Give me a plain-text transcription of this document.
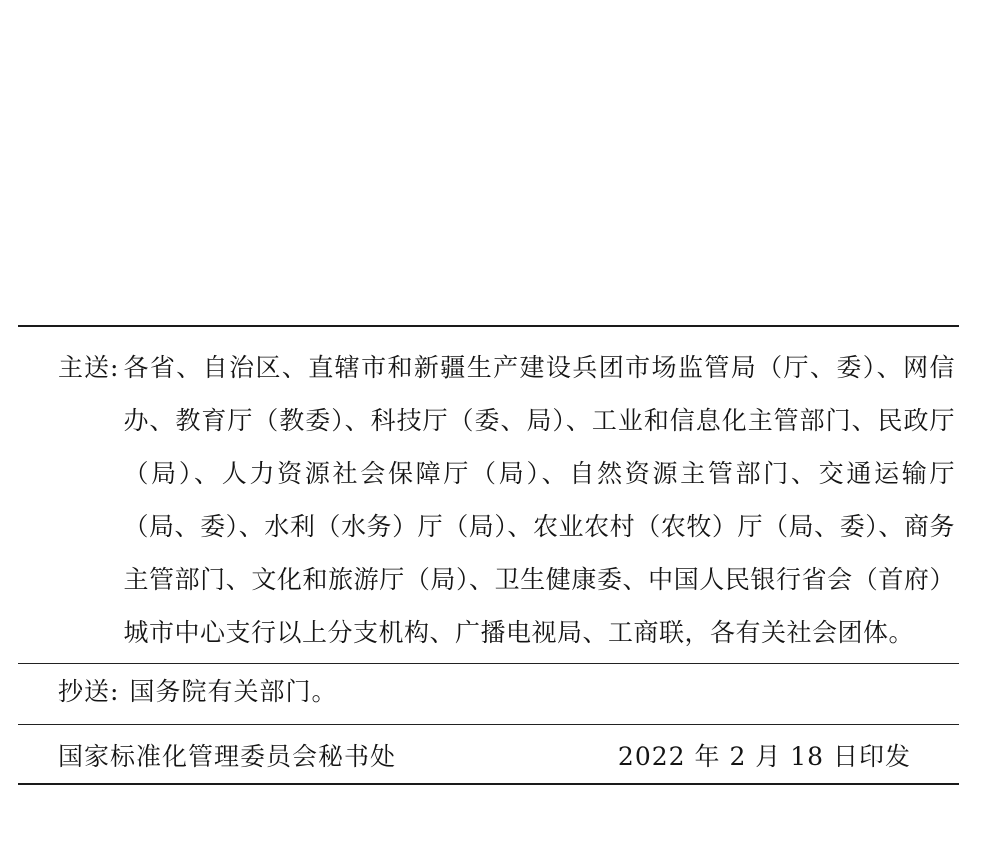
主送: 各省、自治区、直辖市和新疆生产建设兵团市场监管局（厅、委）、网信办、教育厅（教委）、科技厅（委、局）、工业和信息化主管部门、民政厅（局）、人力资源社会保障厅（局）、自然资源主管部门、交通运输厅（局、委）、水利（水务）厅（局）、农业农村（农牧）厅（局、委）、商务主管部门、文化和旅游厅（局）、卫生健康委、中国人民银行省会（首府）城市中心支行以上分支机构、广播电视局、工商联，各有关社会团体。
抄送: 国务院有关部门。
国家标准化管理委员会秘书处	2022 年 2 月 18 日印发
